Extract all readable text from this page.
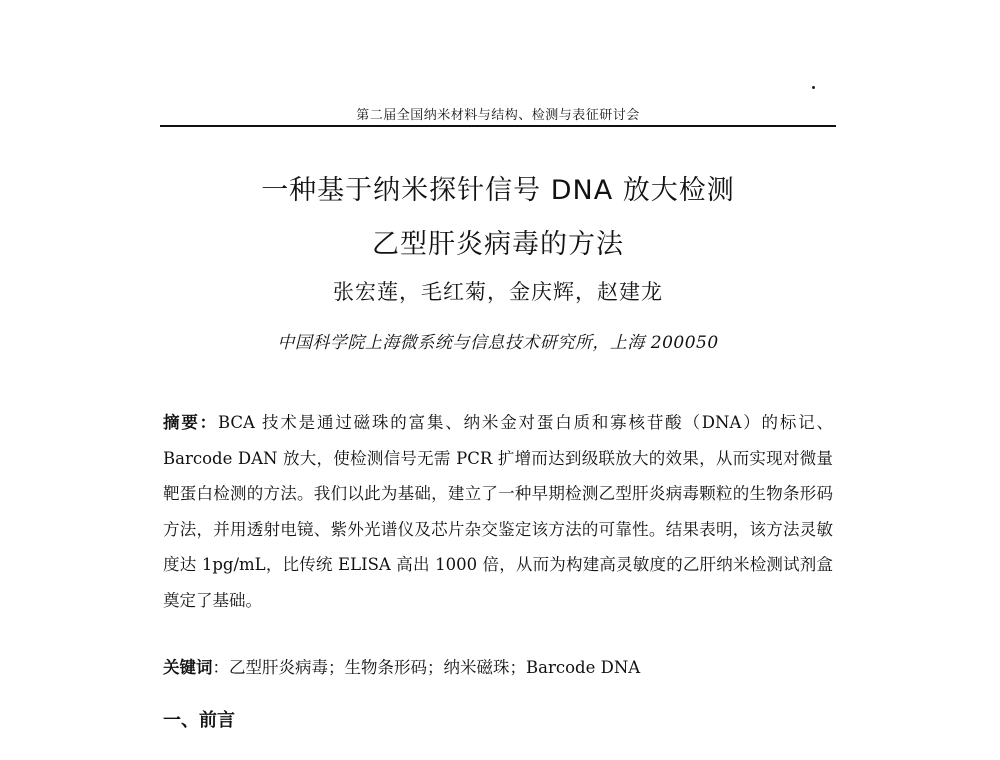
第二届全国纳米材料与结构、检测与表征研讨会
一种基于纳米探针信号 DNA 放大检测
乙型肝炎病毒的方法
张宏莲，毛红菊，金庆辉，赵建龙
中国科学院上海微系统与信息技术研究所，上海 200050
摘要：BCA 技术是通过磁珠的富集、纳米金对蛋白质和寡核苷酸（DNA）的标记、Barcode DAN 放大，使检测信号无需 PCR 扩增而达到级联放大的效果，从而实现对微量靶蛋白检测的方法。我们以此为基础，建立了一种早期检测乙型肝炎病毒颗粒的生物条形码方法，并用透射电镜、紫外光谱仪及芯片杂交鉴定该方法的可靠性。结果表明，该方法灵敏度达 1pg/mL，比传统 ELISA 高出 1000 倍，从而为构建高灵敏度的乙肝纳米检测试剂盒奠定了基础。
关键词：乙型肝炎病毒；生物条形码；纳米磁珠；Barcode DNA
一、前言
